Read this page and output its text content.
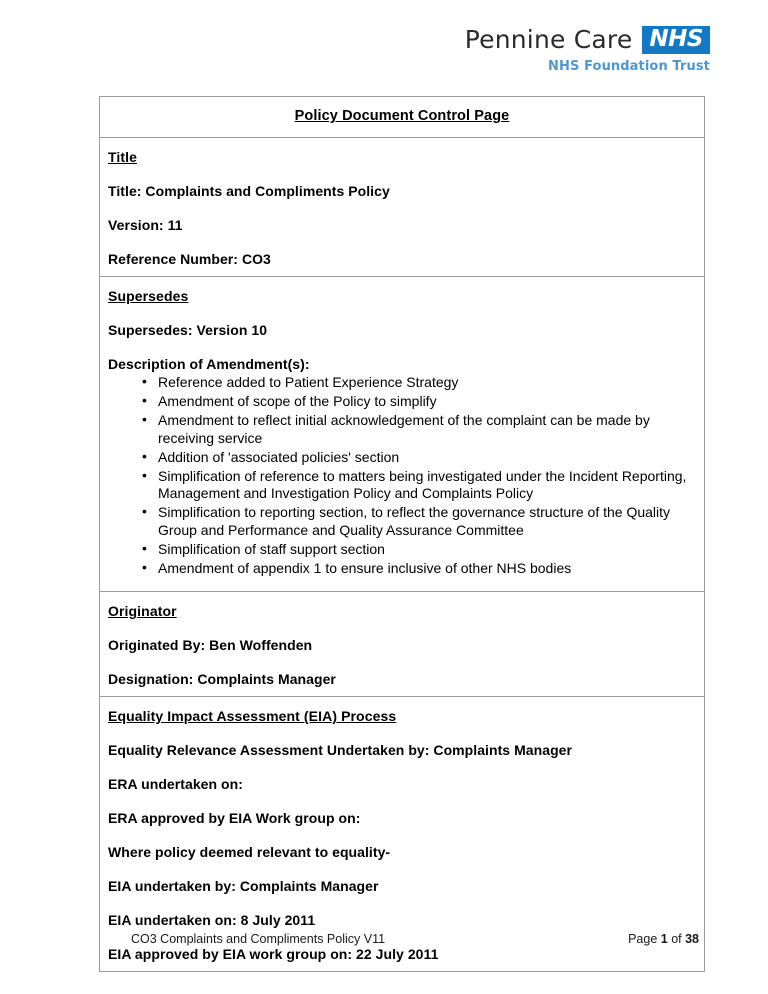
Pennine Care NHS
NHS Foundation Trust
Policy Document Control Page

Title
Title: Complaints and Compliments Policy
Version: 11
Reference Number: CO3

Supersedes
Supersedes: Version 10
Description of Amendment(s):
• Reference added to Patient Experience Strategy
• Amendment of scope of the Policy to simplify
• Amendment to reflect initial acknowledgement of the complaint can be made by receiving service
• Addition of 'associated policies' section
• Simplification of reference to matters being investigated under the Incident Reporting, Management and Investigation Policy and Complaints Policy
• Simplification to reporting section, to reflect the governance structure of the Quality Group and Performance and Quality Assurance Committee
• Simplification of staff support section
• Amendment of appendix 1 to ensure inclusive of other NHS bodies

Originator
Originated By: Ben Woffenden
Designation: Complaints Manager

Equality Impact Assessment (EIA) Process
Equality Relevance Assessment Undertaken by: Complaints Manager
ERA undertaken on:
ERA approved by EIA Work group on:
Where policy deemed relevant to equality-
EIA undertaken by: Complaints Manager
EIA undertaken on: 8 July 2011
EIA approved by EIA work group on: 22 July 2011
CO3 Complaints and Compliments Policy V11	Page 1 of 38
